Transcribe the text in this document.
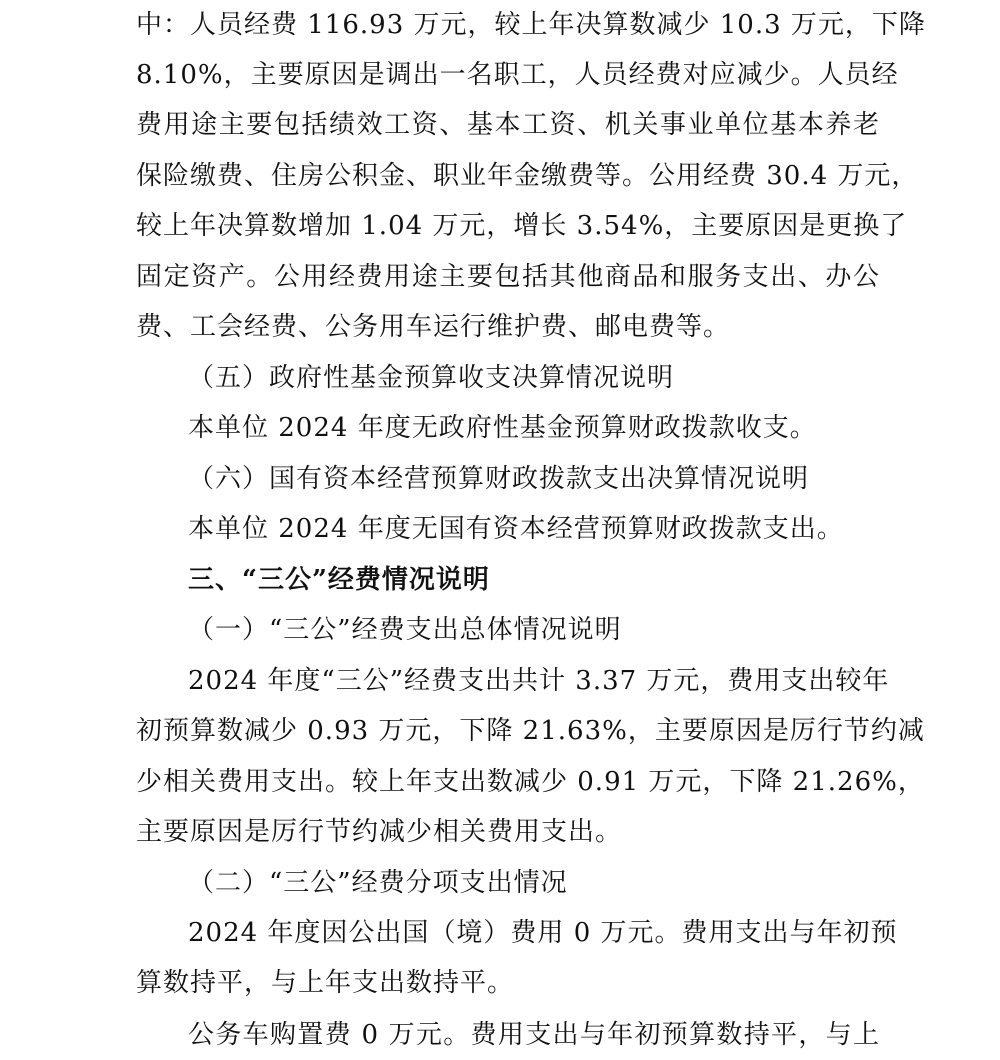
中：人员经费 116.93 万元，较上年决算数减少 10.3 万元，下降
8.10%，主要原因是调出一名职工，人员经费对应减少。人员经
费用途主要包括绩效工资、基本工资、机关事业单位基本养老
保险缴费、住房公积金、职业年金缴费等。公用经费 30.4 万元，
较上年决算数增加 1.04 万元，增长 3.54%，主要原因是更换了
固定资产。公用经费用途主要包括其他商品和服务支出、办公
费、工会经费、公务用车运行维护费、邮电费等。
（五）政府性基金预算收支决算情况说明
本单位 2024 年度无政府性基金预算财政拨款收支。
（六）国有资本经营预算财政拨款支出决算情况说明
本单位 2024 年度无国有资本经营预算财政拨款支出。
三、“三公”经费情况说明
（一）“三公”经费支出总体情况说明
2024 年度“三公”经费支出共计 3.37 万元，费用支出较年
初预算数减少 0.93 万元，下降 21.63%，主要原因是厉行节约减
少相关费用支出。较上年支出数减少 0.91 万元，下降 21.26%，
主要原因是厉行节约减少相关费用支出。
（二）“三公”经费分项支出情况
2024 年度因公出国（境）费用 0 万元。费用支出与年初预
算数持平，与上年支出数持平。
公务车购置费 0 万元。费用支出与年初预算数持平，与上
